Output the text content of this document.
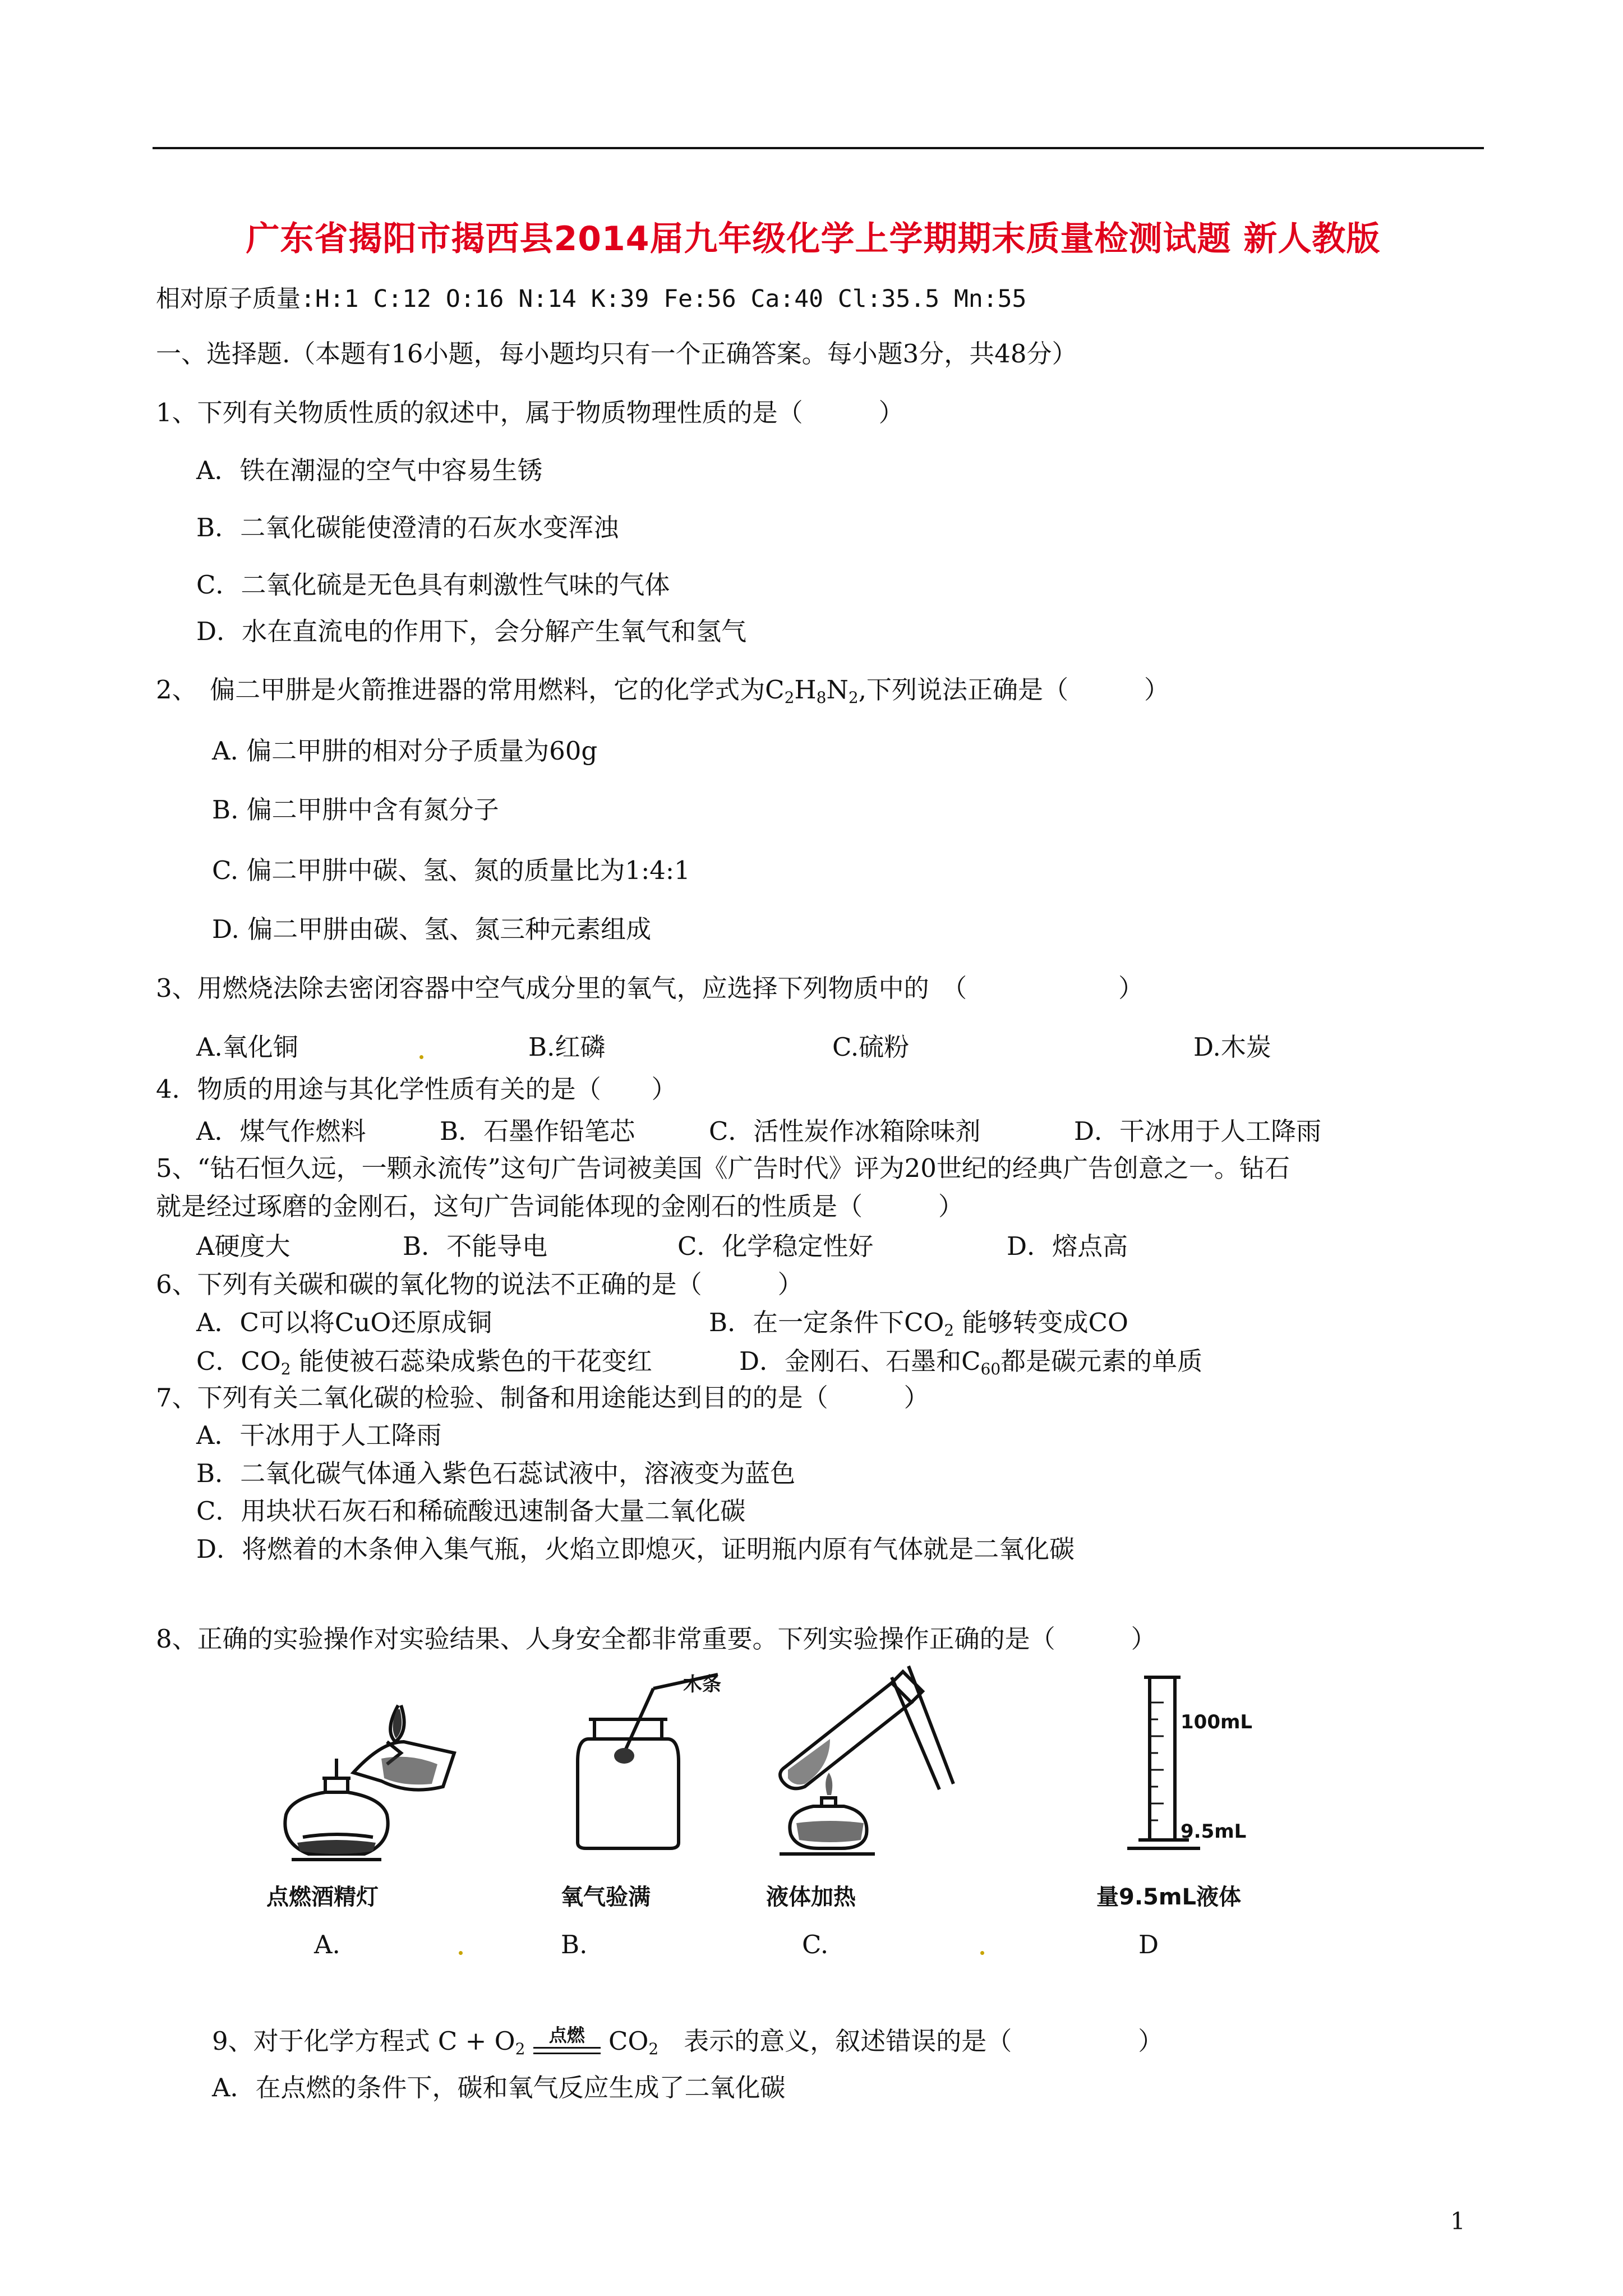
广东省揭阳市揭西县2014届九年级化学上学期期末质量检测试题 新人教版
相对原子质量:H:1 C:12 O:16 N:14 K:39 Fe:56 Ca:40 Cl:35.5 Mn:55
一、选择题.（本题有16小题，每小题均只有一个正确答案。每小题3分，共48分）
1、下列有关物质性质的叙述中，属于物质物理性质的是（　　　）
A．铁在潮湿的空气中容易生锈
B．二氧化碳能使澄清的石灰水变浑浊
C．二氧化硫是无色具有刺激性气味的气体
D．水在直流电的作用下，会分解产生氧气和氢气
2、　偏二甲肼是火箭推进器的常用燃料，它的化学式为$C_2H_8N_2$,下列说法正确是（　　　）
A. 偏二甲肼的相对分子质量为60g
B. 偏二甲肼中含有氮分子
C. 偏二甲肼中碳、氢、氮的质量比为1:4:1
D. 偏二甲肼由碳、氢、氮三种元素组成
3、用燃烧法除去密闭容器中空气成分里的氧气，应选择下列物质中的　（　　　　　　）
A.氧化铜	B.红磷	C.硫粉	D.木炭
4．物质的用途与其化学性质有关的是（　　）
A．煤气作燃料	B．石墨作铅笔芯	C．活性炭作冰箱除味剂	D．干冰用于人工降雨
5、“钻石恒久远，一颗永流传”这句广告词被美国《广告时代》评为20世纪的经典广告创意之一。钻石
就是经过琢磨的金刚石，这句广告词能体现的金刚石的性质是（　　　）
A硬度大	B．不能导电	C．化学稳定性好	D．熔点高
6、下列有关碳和碳的氧化物的说法不正确的是（　　　）
A．C可以将CuO还原成铜	B．在一定条件下$CO_2$ 能够转变成CO
C．$CO_2$ 能使被石蕊染成紫色的干花变红	D．金刚石、石墨和$C_{60}$都是碳元素的单质
7、下列有关二氧化碳的检验、制备和用途能达到目的的是（　　　）
A．干冰用于人工降雨
B．二氧化碳气体通入紫色石蕊试液中，溶液变为蓝色
C．用块状石灰石和稀硫酸迅速制备大量二氧化碳
D．将燃着的木条伸入集气瓶，火焰立即熄灭，证明瓶内原有气体就是二氧化碳
8、正确的实验操作对实验结果、人身安全都非常重要。下列实验操作正确的是（　　　）
点燃酒精灯
A.
木条
氧气验满
B.
液体加热
C.
100mL
9.5mL
量9.5mL液体
D
9、对于化学方程式 $C + O_2$
点燃 $CO_2$　表示的意义，叙述错误的是（　　　　　）
A．在点燃的条件下，碳和氧气反应生成了二氧化碳
1
